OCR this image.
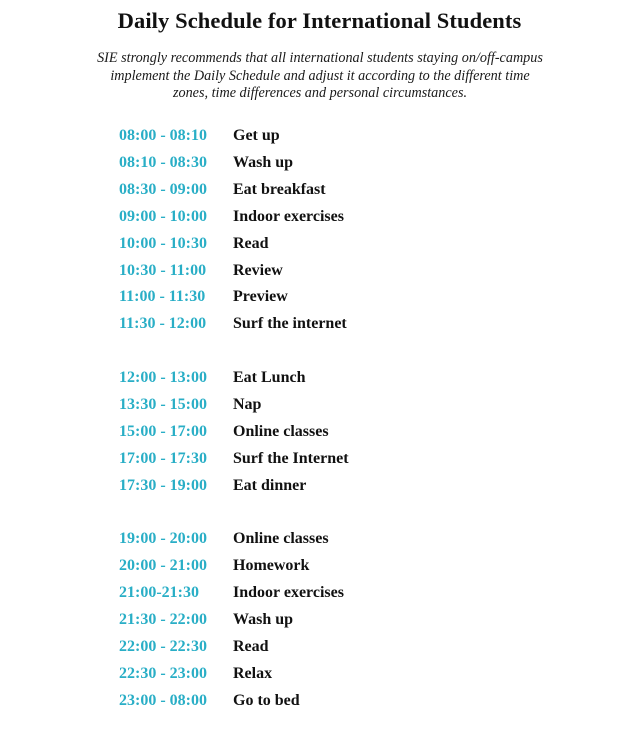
Daily Schedule for International Students
SIE strongly recommends that all international students staying on/off-campus implement the Daily Schedule and adjust it according to the different time zones, time differences and personal circumstances.
08:00 - 08:10	Get up
08:10 - 08:30	Wash up
08:30 - 09:00	Eat breakfast
09:00 - 10:00	Indoor exercises
10:00 - 10:30	Read
10:30 - 11:00	Review
11:00 - 11:30	Preview
11:30 - 12:00	Surf the internet
12:00 - 13:00	Eat Lunch
13:30 - 15:00	Nap
15:00 - 17:00	Online classes
17:00 - 17:30	Surf the Internet
17:30 - 19:00	Eat dinner
19:00 - 20:00	Online classes
20:00 - 21:00	Homework
21:00-21:30	Indoor exercises
21:30 - 22:00	Wash up
22:00 - 22:30	Read
22:30 - 23:00	Relax
23:00 - 08:00	Go to bed
